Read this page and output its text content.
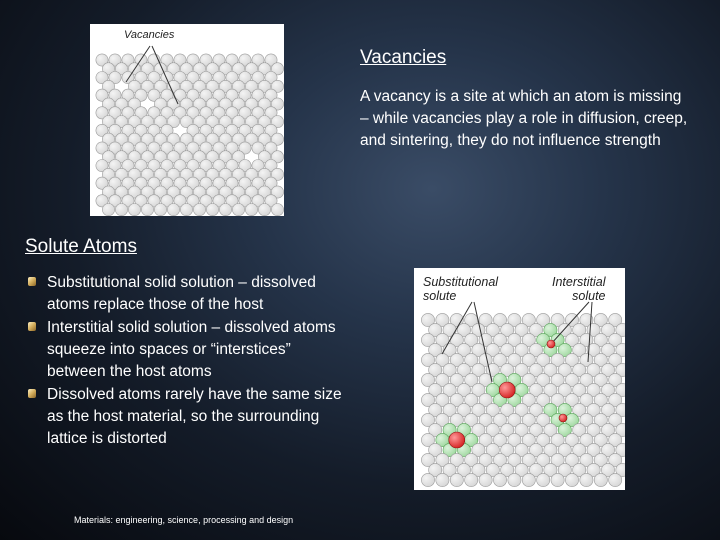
Vacancies
Vacancies
A vacancy is a site at which an atom is missing – while vacancies play a role in diffusion, creep, and sintering, they do not influence strength
Solute Atoms
Substitutional solid solution – dissolved atoms replace those of the host
Interstitial solid solution – dissolved atoms squeeze into spaces or “interstices” between the host atoms
Dissolved atoms rarely have the same size as the host material, so the surrounding lattice is distorted
Substitutional
solute
Interstitial
solute
Materials: engineering, science, processing and design
